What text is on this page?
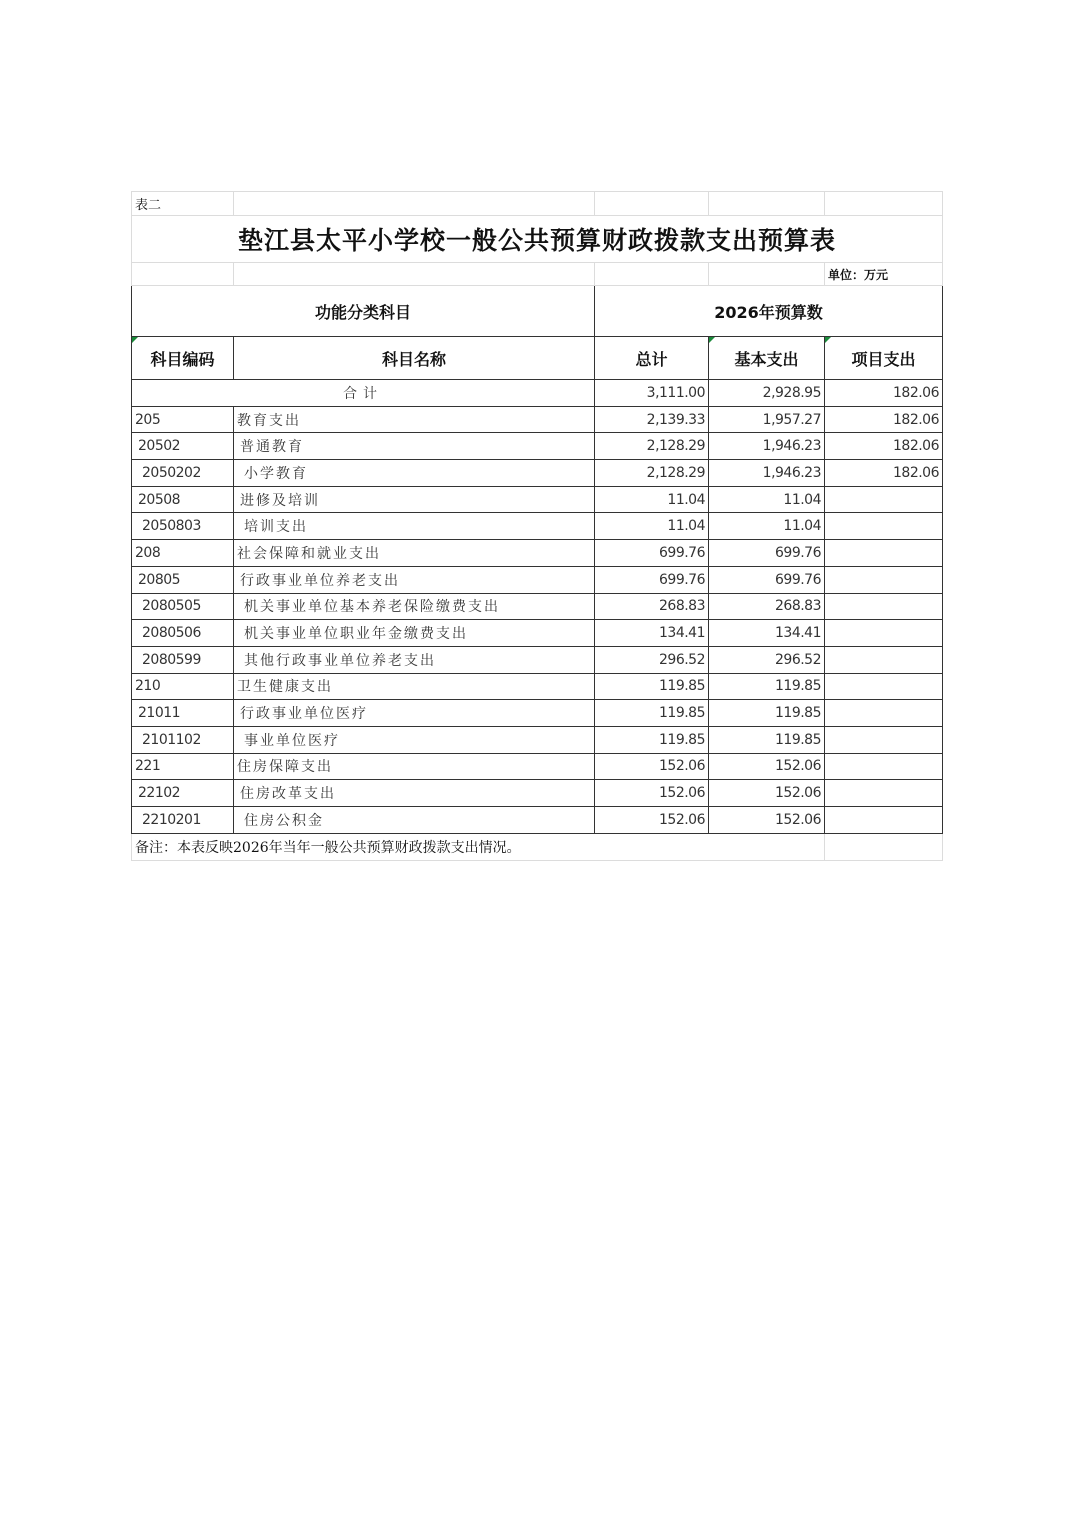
表二				
垫江县太平小学校一般公共预算财政拨款支出预算表				
				单位：万元
功能分类科目		2026年预算数		
科目编码	科目名称	总计	基本支出	项目支出
合计		3,111.00	2,928.95	182.06
205	教育支出	2,139.33	1,957.27	182.06
20502	普通教育	2,128.29	1,946.23	182.06
2050202	小学教育	2,128.29	1,946.23	182.06
20508	进修及培训	11.04	11.04	
2050803	培训支出	11.04	11.04	
208	社会保障和就业支出	699.76	699.76	
20805	行政事业单位养老支出	699.76	699.76	
2080505	机关事业单位基本养老保险缴费支出	268.83	268.83	
2080506	机关事业单位职业年金缴费支出	134.41	134.41	
2080599	其他行政事业单位养老支出	296.52	296.52	
210	卫生健康支出	119.85	119.85	
21011	行政事业单位医疗	119.85	119.85	
2101102	事业单位医疗	119.85	119.85	
221	住房保障支出	152.06	152.06	
22102	住房改革支出	152.06	152.06	
2210201	住房公积金	152.06	152.06	
备注：本表反映2026年当年一般公共预算财政拨款支出情况。				
